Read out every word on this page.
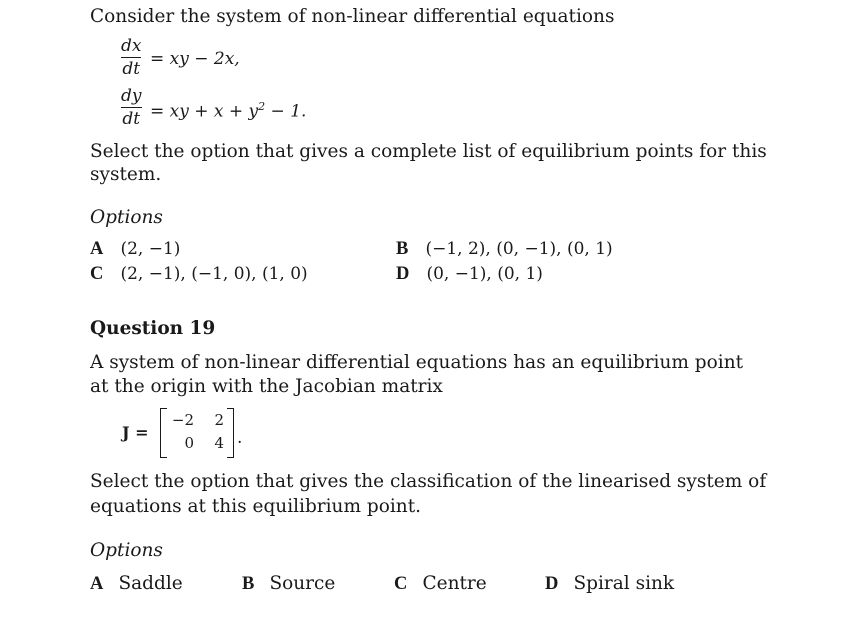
Consider the system of non-linear differential equations
dx
dt = xy − 2x,
dy
dt = xy + $x + y^2 - 1$.
Select the option that gives a complete list of equilibrium points for this
system.
Options
A (2, −1)	B (−1, 2), (0, −1), (0, 1)
C (2, −1), (−1, 0), (1, 0)	D (0, −1), (0, 1)
Question 19
A system of non-linear differential equations has an equilibrium point
at the origin with the Jacobian matrix
J =
−2	2
0	4 .
Select the option that gives the classification of the linearised system of
equations at this equilibrium point.
Options
A Saddle	B Source	C Centre	D Spiral sink
